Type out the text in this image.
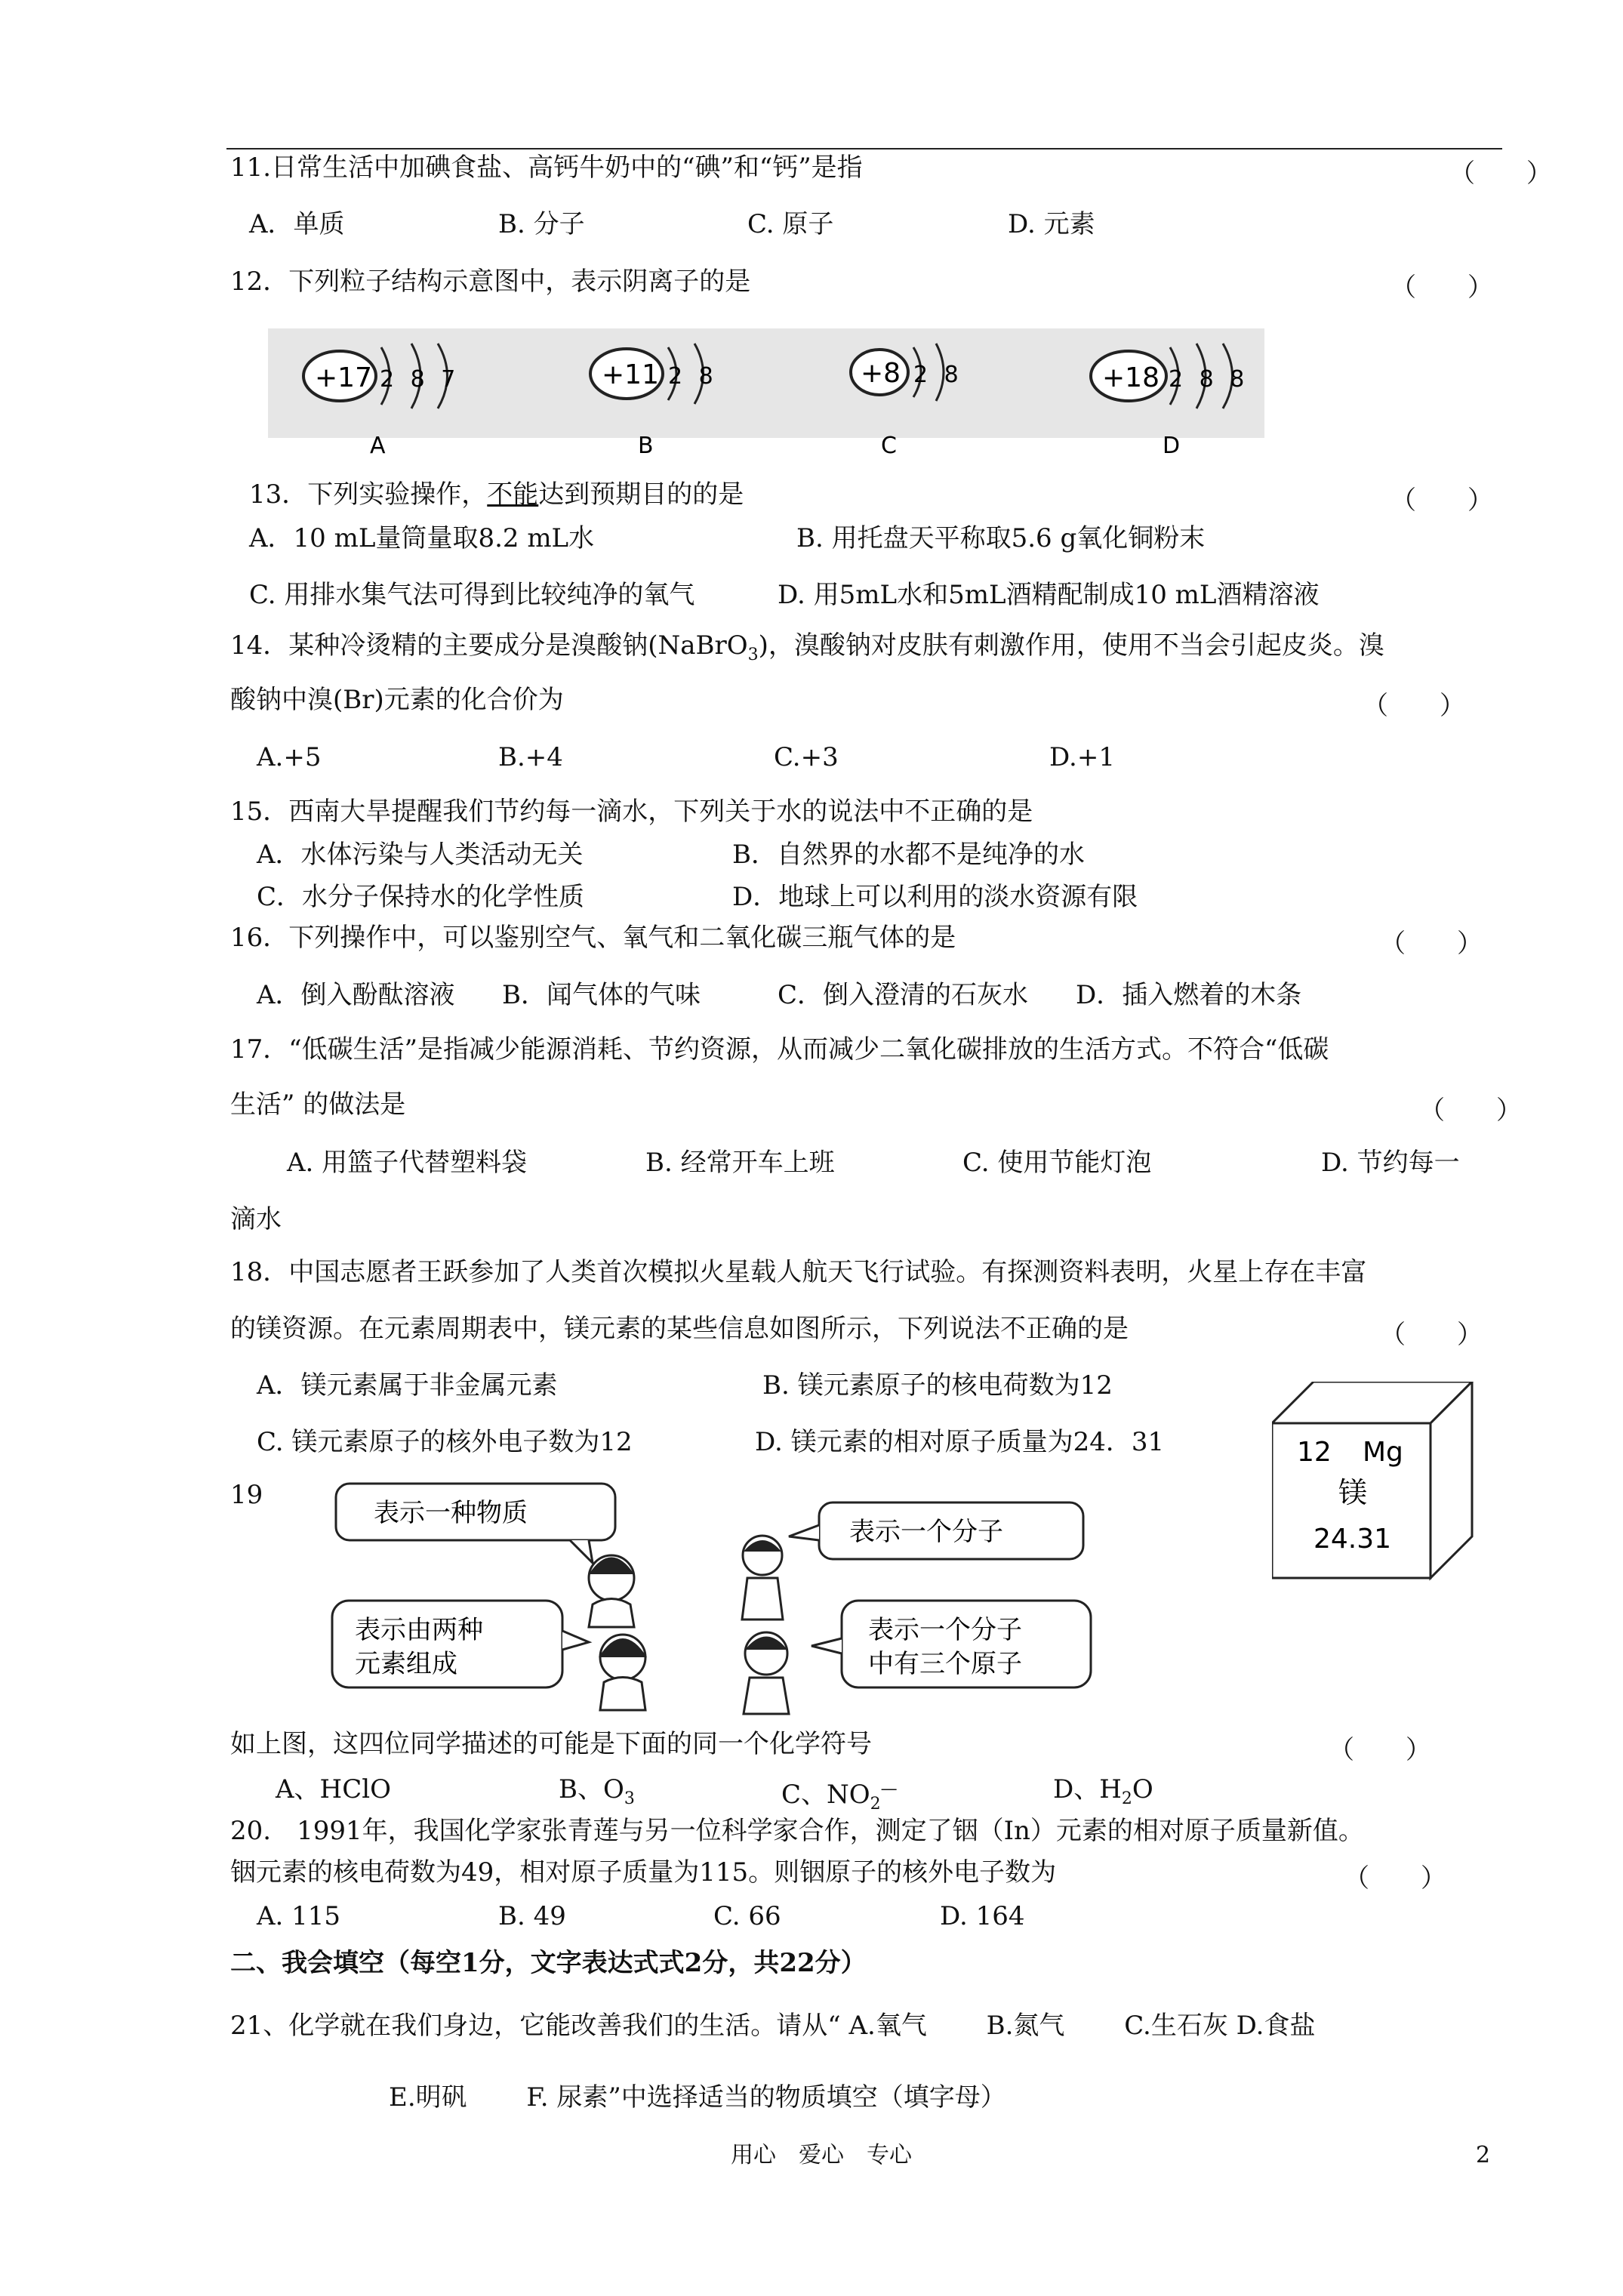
11.日常生活中加碘食盐、高钙牛奶中的“碘”和“钙”是指	（　　）
A．单质	B. 分子	C. 原子	D. 元素
12．下列粒子结构示意图中，表示阴离子的是	（　　）
+17 2 8 7
A
+11 2 8
B
+8 2 8
C
+18 2 8 8
D
13．下列实验操作，不能达到预期目的的是	（　　）
A．10 mL量筒量取8.2 mL水	B. 用托盘天平称取5.6 g氧化铜粉末
C. 用排水集气法可得到比较纯净的氧气	D. 用5mL水和5mL酒精配制成10 mL酒精溶液
14．某种冷烫精的主要成分是溴酸钠(NaBrO$_3$)，溴酸钠对皮肤有刺激作用，使用不当会引起皮炎。溴
酸钠中溴(Br)元素的化合价为	（　　）
A.+5	B.+4	C.+3	D.+1
15．西南大旱提醒我们节约每一滴水，下列关于水的说法中不正确的是
A．水体污染与人类活动无关	B．自然界的水都不是纯净的水
C．水分子保持水的化学性质	D．地球上可以利用的淡水资源有限
16．下列操作中，可以鉴别空气、氧气和二氧化碳三瓶气体的是	（　　）
A．倒入酚酞溶液 B．闻气体的气味	C．倒入澄清的石灰水 D．插入燃着的木条
17．“低碳生活”是指减少能源消耗、节约资源，从而减少二氧化碳排放的生活方式。不符合“低碳
生活” 的做法是	（　　）
A. 用篮子代替塑料袋	B. 经常开车上班	C. 使用节能灯泡	D. 节约每一
滴水
18．中国志愿者王跃参加了人类首次模拟火星载人航天飞行试验。有探测资料表明，火星上存在丰富
的镁资源。在元素周期表中，镁元素的某些信息如图所示，下列说法不正确的是	（　　）
A．镁元素属于非金属元素	B. 镁元素原子的核电荷数为12
C. 镁元素原子的核外电子数为12	D. 镁元素的相对原子质量为24．31	12 Mg
镁
24.31
19
表示一种物质
表示一个分子
表示由两种
元素组成
表示一个分子
中有三个原子
如上图，这四位同学描述的可能是下面的同一个化学符号	（　　）
A、HClO	B、$O_3$	C、$NO_2^—$	D、$H_2O$
20.　1991年，我国化学家张青莲与另一位科学家合作，测定了铟（In）元素的相对原子质量新值。
铟元素的核电荷数为49，相对原子质量为115。则铟原子的核外电子数为	（　　）
A. 115	B. 49	C. 66	D. 164
二、我会填空（每空1分，文字表达式式2分，共22分）
21、化学就在我们身边，它能改善我们的生活。请从“ A.氧气　　 B.氮气　　 C.生石灰 D.食盐
E.明矾　　 F. 尿素”中选择适当的物质填空（填字母）
用心　爱心　专心	2
